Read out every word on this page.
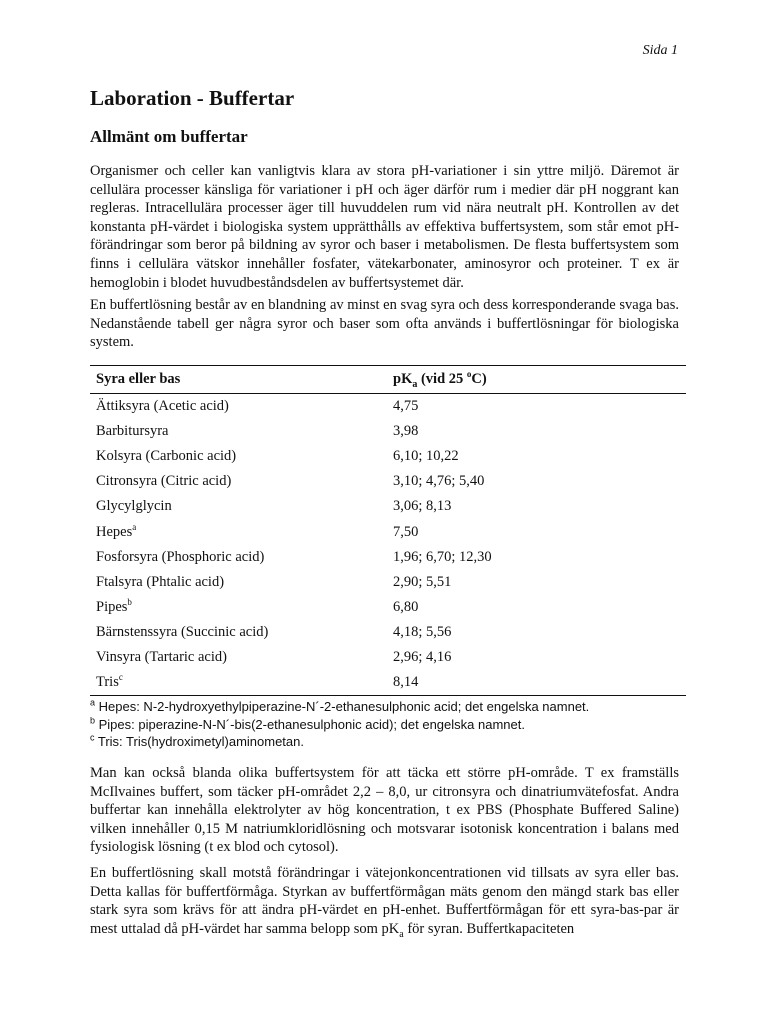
Sida 1
Laboration - Buffertar
Allmänt om buffertar

Organismer och celler kan vanligtvis klara av stora pH-variationer i sin yttre miljö. Däremot är cellulära processer känsliga för variationer i pH och äger därför rum i medier där pH noggrant kan regleras. Intracellulära processer äger till huvuddelen rum vid nära neutralt pH. Kontrollen av det konstanta pH-värdet i biologiska system upprätthålls av effektiva buffertsystem, som står emot pH-förändringar som beror på bildning av syror och baser i metabolismen. De flesta buffertsystem som finns i cellulära vätskor innehåller fosfater, vätekarbonater, aminosyror och proteiner. T ex är hemoglobin i blodet huvudbeståndsdelen av buffertsystemet där.

En buffertlösning består av en blandning av minst en svag syra och dess korresponderande svaga bas. Nedanstående tabell ger några syror och baser som ofta används i buffertlösningar för biologiska system.

Syra eller bas	$pK_a$ (vid 25 $^o$C)
Ättiksyra (Acetic acid)	4,75
Barbitursyra	3,98
Kolsyra (Carbonic acid)	6,10; 10,22
Citronsyra (Citric acid)	3,10; 4,76; 5,40
Glycylglycin	3,06; 8,13
Hepes$^a$	7,50
Fosforsyra (Phosphoric acid)	1,96; 6,70; 12,30
Ftalsyra (Phtalic acid)	2,90; 5,51
Pipes$^b$	6,80
Bärnstenssyra (Succinic acid)	4,18; 5,56
Vinsyra (Tartaric acid)	2,96; 4,16
Tris$^c$	8,14
$^a$ Hepes: N-2-hydroxyethylpiperazine-N´-2-ethanesulphonic acid; det engelska namnet.
$^b$ Pipes: piperazine-N-N´-bis(2-ethanesulphonic acid); det engelska namnet.
$^c$ Tris: Tris(hydroximetyl)aminometan.

Man kan också blanda olika buffertsystem för att täcka ett större pH-område. T ex framställs McIlvaines buffert, som täcker pH-området 2,2 – 8,0, ur citronsyra och dinatriumvätefosfat. Andra buffertar kan innehålla elektrolyter av hög koncentration, t ex PBS (Phosphate Buffered Saline) vilken innehåller 0,15 M natriumkloridlösning och motsvarar isotonisk koncentration i balans med fysiologisk lösning (t ex blod och cytosol).

En buffertlösning skall motstå förändringar i vätejonkoncentrationen vid tillsats av syra eller bas. Detta kallas för buffertförmåga. Styrkan av buffertförmågan mäts genom den mängd stark bas eller stark syra som krävs för att ändra pH-värdet en pH-enhet. Buffertförmågan för ett syra-bas-par är mest uttalad då pH-värdet har samma belopp som $pK_a$ för syran. Buffertkapaciteten
